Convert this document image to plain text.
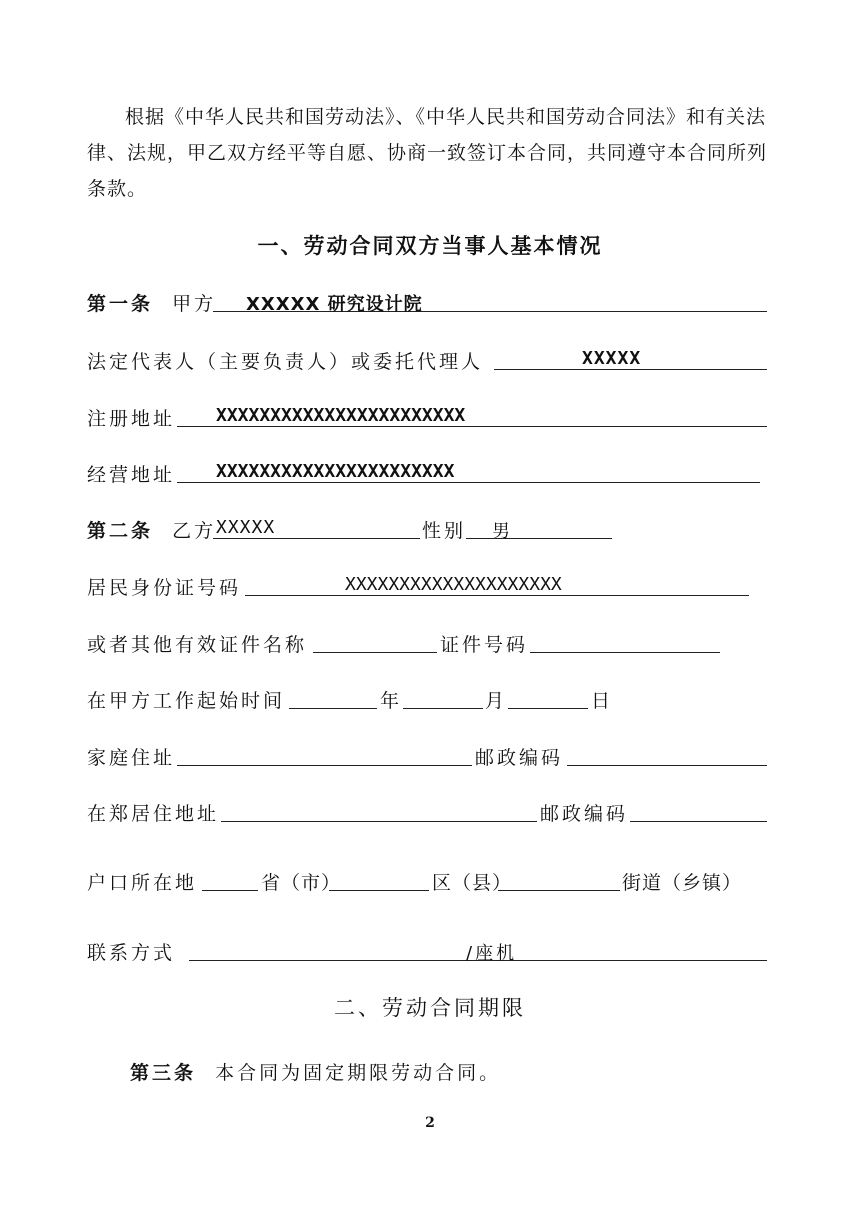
根据《中华人民共和国劳动法》、《中华人民共和国劳动合同法》和有关法律、法规，甲乙双方经平等自愿、协商一致签订本合同，共同遵守本合同所列条款。
一、劳动合同双方当事人基本情况
第一条 甲方 XXXXX 研究设计院
法定代表人（主要负责人）或委托代理人	XXXXX
注册地址 XXXXXXXXXXXXXXXXXXXXXXX
经营地址 XXXXXXXXXXXXXXXXXXXXXX
第二条 乙方 XXXXX	性别 男
居民身份证号码	XXXXXXXXXXXXXXXXXXXX
或者其他有效证件名称	证件号码
在甲方工作起始时间	年	月	日
家庭住址	邮政编码
在郑居住地址	邮政编码
户口所在地	省（市）	区（县）	街道（乡镇）
联系方式	/座机
二、劳动合同期限
第三条 本合同为固定期限劳动合同。
2
